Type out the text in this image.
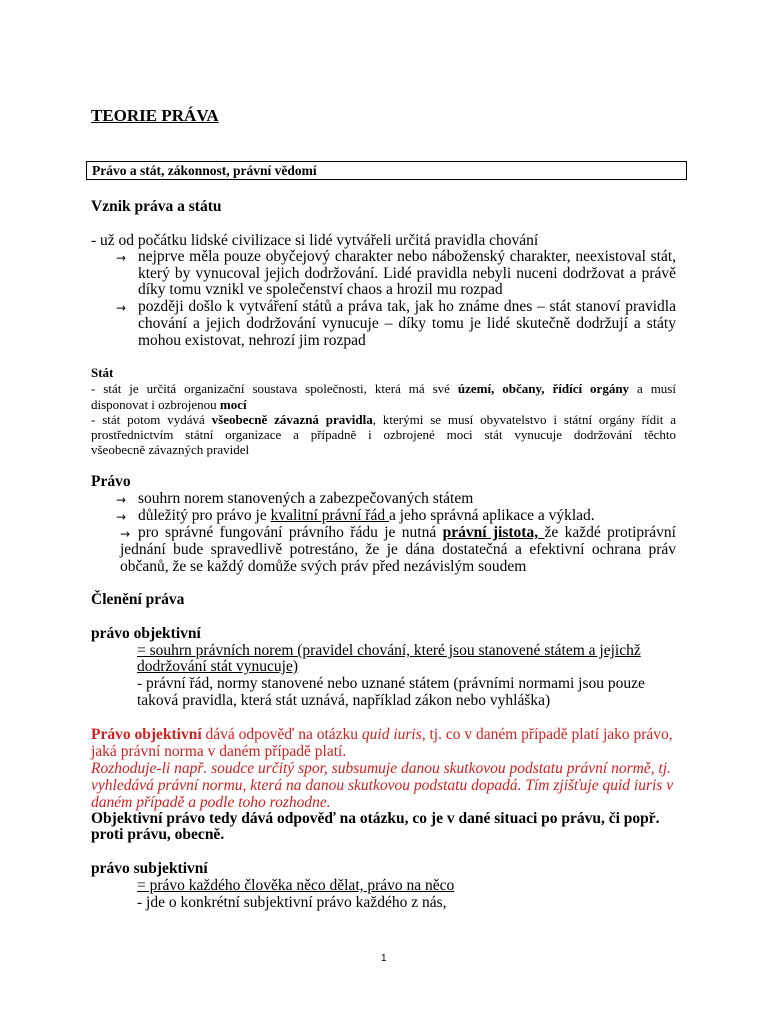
TEORIE PRÁVA
Právo a stát, zákonnost, právní vědomí
Vznik práva a státu
- už od počátku lidské civilizace si lidé vytvářeli určitá pravidla chování
→ nejprve měla pouze obyčejový charakter nebo náboženský charakter, neexistoval stát,
který by vynucoval jejich dodržování. Lidé pravidla nebyli nuceni dodržovat a právě
díky tomu vznikl ve společenství chaos a hrozil mu rozpad
→ později došlo k vytváření států a práva tak, jak ho známe dnes – stát stanoví pravidla
chování a jejich dodržování vynucuje – díky tomu je lidé skutečně dodržují a státy
mohou existovat, nehrozí jim rozpad
Stát
- stát je určitá organizační soustava společnosti, která má své území, občany, řídící orgány a musí
disponovat i ozbrojenou mocí
- stát potom vydává všeobecně závazná pravidla, kterými se musí obyvatelstvo i státní orgány řídit a
prostřednictvím státní organizace a případně i ozbrojené moci stát vynucuje dodržování těchto
všeobecně závazných pravidel
Právo
→ souhrn norem stanovených a zabezpečovaných státem
→ důležitý pro právo je kvalitní právní řád a jeho správná aplikace a výklad.
→ pro správné fungování právního řádu je nutná právní jistota, že každé protiprávní
jednání bude spravedlivě potrestáno, že je dána dostatečná a efektivní ochrana práv
občanů, že se každý domůže svých práv před nezávislým soudem
Členění práva
právo objektivní
= souhrn právních norem (pravidel chování, které jsou stanovené státem a jejichž
dodržování stát vynucuje)
- právní řád, normy stanovené nebo uznané státem (právními normami jsou pouze
taková pravidla, která stát uznává, například zákon nebo vyhláška)
Právo objektivní dává odpověď na otázku quid iuris, tj. co v daném případě platí jako právo,
jaká právní norma v daném případě platí.
Rozhoduje-li např. soudce určitý spor, subsumuje danou skutkovou podstatu právní normě, tj.
vyhledává právní normu, která na danou skutkovou podstatu dopadá. Tím zjišťuje quid iuris v
daném případě a podle toho rozhodne.
Objektivní právo tedy dává odpověď na otázku, co je v dané situaci po právu, či popř.
proti právu, obecně.
právo subjektivní
= právo každého člověka něco dělat, právo na něco
- jde o konkrétní subjektivní právo každého z nás,
1
